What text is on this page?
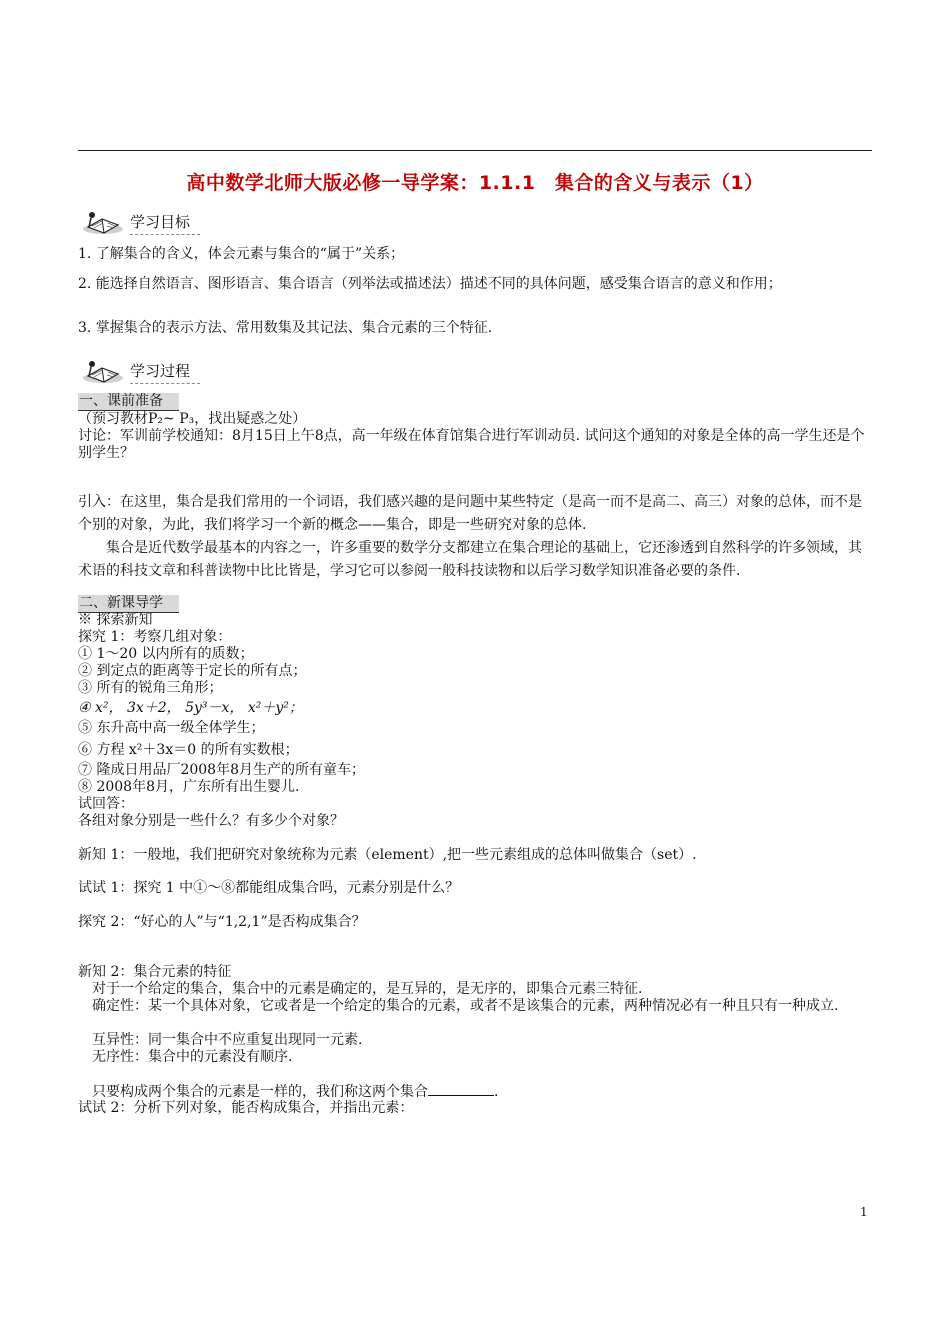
高中数学北师大版必修一导学案：1.1.1　集合的含义与表示（1）
学习目标
1. 了解集合的含义，体会元素与集合的“属于”关系；
2. 能选择自然语言、图形语言、集合语言（列举法或描述法）描述不同的具体问题，感受集合语言的意义和作用；
3. 掌握集合的表示方法、常用数集及其记法、集合元素的三个特征.
学习过程
一、课前准备
（预习教材P₂~ P₃，找出疑惑之处）
讨论：军训前学校通知：8月15日上午8点，高一年级在体育馆集合进行军训动员. 试问这个通知的对象是全体的高一学生还是个别学生？
引入：在这里，集合是我们常用的一个词语，我们感兴趣的是问题中某些特定（是高一而不是高二、高三）对象的总体，而不是个别的对象，为此，我们将学习一个新的概念——集合，即是一些研究对象的总体.
　　集合是近代数学最基本的内容之一，许多重要的数学分支都建立在集合理论的基础上，它还渗透到自然科学的许多领域，其术语的科技文章和科普读物中比比皆是，学习它可以参阅一般科技读物和以后学习数学知识准备必要的条件.
二、新课导学
※ 探索新知
探究 1：考察几组对象：
① 1～20 以内所有的质数；
② 到定点的距离等于定长的所有点；
③ 所有的锐角三角形；
④ x²， 3x＋2， 5y³－x， x²＋y²；
⑤ 东升高中高一级全体学生；
⑥ 方程 x²＋3x＝0 的所有实数根；
⑦ 隆成日用品厂2008年8月生产的所有童车；
⑧ 2008年8月，广东所有出生婴儿.
试回答：
各组对象分别是一些什么？有多少个对象？
新知 1：一般地，我们把研究对象统称为元素（element）,把一些元素组成的总体叫做集合（set）.
试试 1：探究 1 中①～⑧都能组成集合吗，元素分别是什么？
探究 2：“好心的人”与“1,2,1”是否构成集合？
新知 2：集合元素的特征
　对于一个给定的集合，集合中的元素是确定的，是互异的，是无序的，即集合元素三特征.
　确定性：某一个具体对象，它或者是一个给定的集合的元素，或者不是该集合的元素，两种情况必有一种且只有一种成立.
　互异性：同一集合中不应重复出现同一元素.
　无序性：集合中的元素没有顺序.
　只要构成两个集合的元素是一样的，我们称这两个集合	.
试试 2：分析下列对象，能否构成集合，并指出元素：
1
